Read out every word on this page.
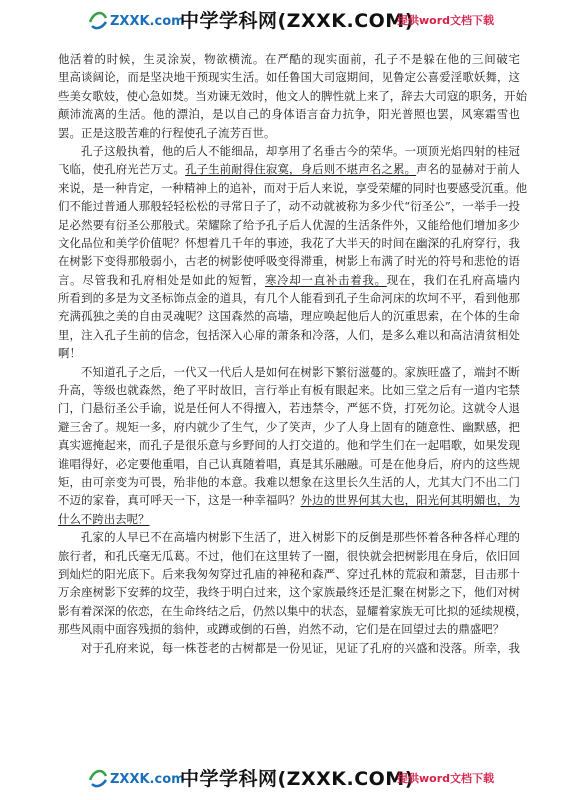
ZXXK.com
中学学科网(ZXXK.COM)
提供word文档下载
他活着的时候，生灵涂炭，物欲横流。在严酷的现实面前，孔子不是躲在他的三间破宅
里高谈阔论，而是坚决地干预现实生活。如任鲁国大司寇期间，见鲁定公喜爱淫歌妖舞，这
些美女歌妓，使心急如焚。当劝谏无效时，他文人的脾性就上来了，辞去大司寇的职务，开始
颠沛流离的生活。他的漂泊，是以自己的身体语言奋力抗争，阳光普照也罢，风寒霜雪也
罢。正是这股苦难的行程使孔子流芳百世。
孔子这般执着，他的后人不能细品，却享用了名垂古今的荣华。一项顶光焰四射的桂冠
飞临，使孔府光芒万丈。孔子生前耐得住寂寞，身后则不堪声名之累。声名的显赫对于前人
来说，是一种肯定，一种精神上的追补，而对于后人来说，享受荣耀的同时也要感受沉重。他
们不能过普通人那般轻轻松松的寻常日子了，动不动就被称为多少代“衍圣公”，一举手一投
足必然要有衍圣公那般式。荣耀除了给予孔子后人优渥的生活条件外，又能给他们增加多少
文化品位和美学价值呢？怀想着几千年的事迹，我花了大半天的时间在幽深的孔府穿行，我
在树影下变得那般弱小，古老的树影使呼吸变得滞重，树影上布满了时光的符号和悲怆的语
言。尽管我和孔府相处是如此的短暂，寒冷却一直补击着我。现在，我们在孔府高墙内
所看到的多是为文圣标饰点金的道具，有几个人能看到孔子生命河床的坎坷不平，看到他那
充满孤独之美的自由灵魂呢？这国森然的高墙，理应唤起他后人的沉重思索，在个体的生命
里，注入孔子生前的信念，包括深入心扉的萧条和冷落，人们，是多么难以和高洁清贫相处
啊！
不知道孔子之后，一代又一代后人是如何在树影下繁衍滋蔓的。家族旺盛了，端封不断
升高，等级也就森然，绝了平时故旧，言行举止有板有眼起来。比如三堂之后有一道内宅禁
门，门悬衍圣公手谕，说是任何人不得擅入，若违禁令，严惩不贷，打死勿论。这就令人退
避三舍了。规矩一多，府内就少了生气，少了笑声，少了人身上固有的随意性、幽默感，把
真实遮掩起来，而孔子是很乐意与乡野间的人打交道的。他和学生们在一起唱歌，如果发现
谁唱得好，必定要他重唱，自己认真随着唱，真是其乐融融。可是在他身后，府内的这些规
矩，由可亲变为可畏，殆非他的本意。我难以想象在这里长久生活的人，尤其大门不出二门
不迈的家眷，真可呼天一下，这是一种幸福吗？外边的世界何其大也，阳光何其明媚也，为
什么不跨出去呢？
孔家的人早已不在高墙内树影下生活了，进入树影下的反倒是那些怀着各种各样心理的
旅行者，和孔氏毫无瓜葛。不过，他们在这里转了一圈，很快就会把树影甩在身后，依旧回
到灿烂的阳光底下。后来我匆匆穿过孔庙的神秘和森严、穿过孔林的荒寂和萧瑟，目击那十
万余座树影下安葬的坟茔，我终于明白过来，这个家族最终还是汇聚在树影之下，他们对树
影有着深深的依恋，在生命终结之后，仍然以集中的状态，显耀着家族无可比拟的延续规模，
那些风雨中面容残损的翁仲，或蹲或倒的石兽，岿然不动，它们是在回望过去的鼎盛吧？
对于孔府来说，每一株苍老的古树都是一份见证，见证了孔府的兴盛和没落。所幸，我
ZXXK.com
中学学科网(ZXXK.COM)
提供word文档下载
